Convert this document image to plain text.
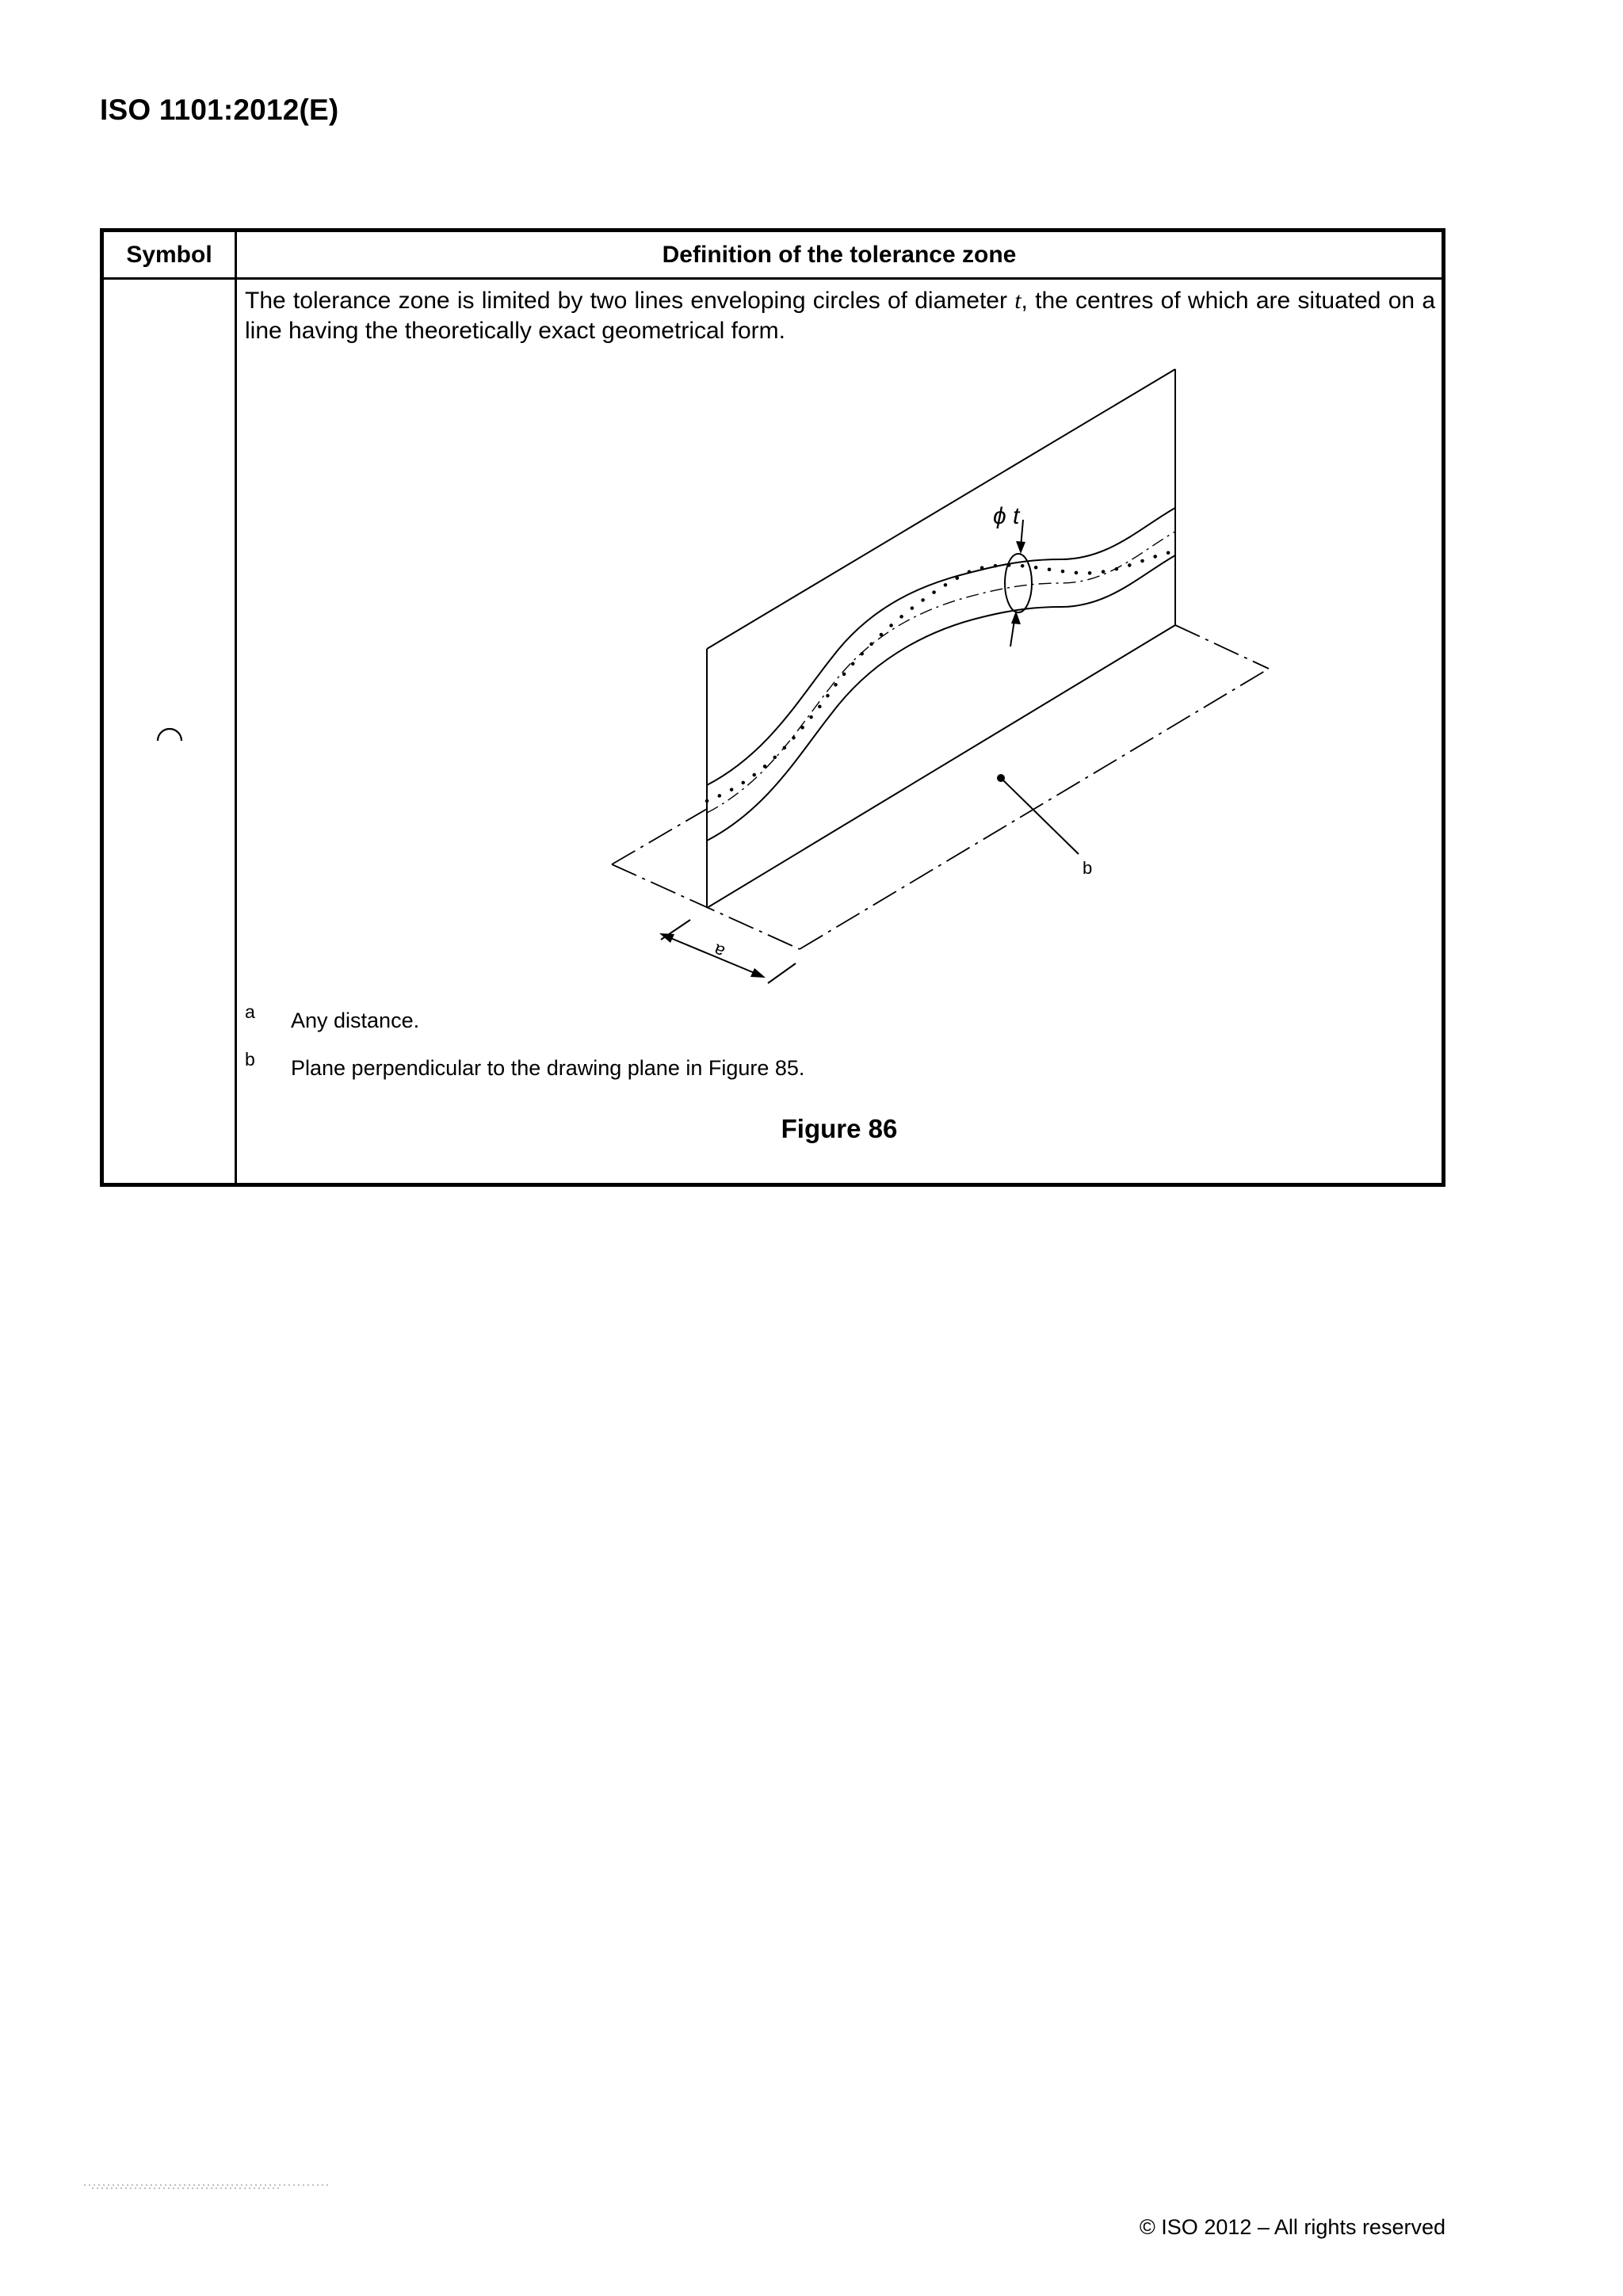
ISO 1101:2012(E)
Symbol	Definition of the tolerance zone

The tolerance zone is limited by two lines enveloping circles of diameter t, the centres of which are situated on a line having the theoretically exact geometrical form.

ϕ t
b
a
a Any distance.
b Plane perpendicular to the drawing plane in Figure 85.

Figure 86

© ISO 2012 – All rights reserved
